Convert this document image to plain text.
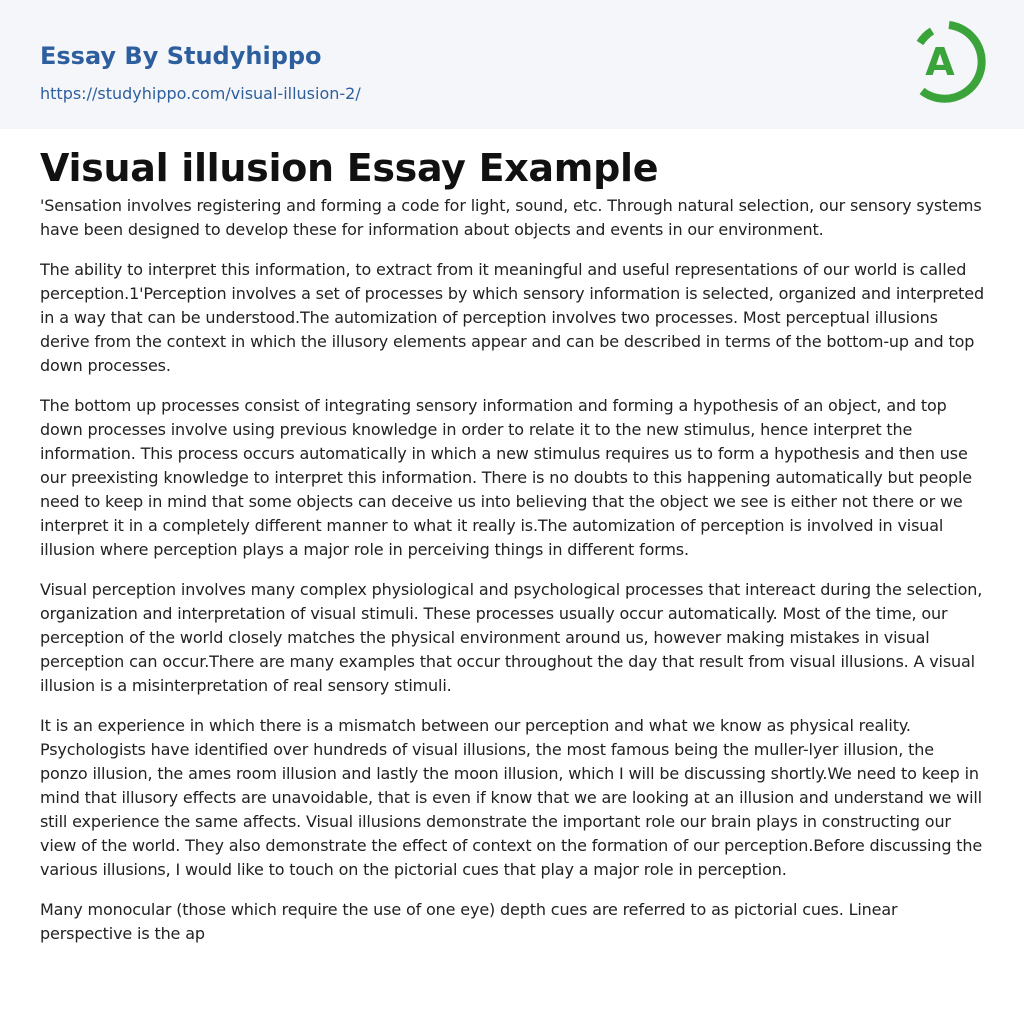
Essay By Studyhippo
https://studyhippo.com/visual-illusion-2/
A
Visual illusion Essay Example

'Sensation involves registering and forming a code for light, sound, etc. Through natural selection, our sensory systems have been designed to develop these for information about objects and events in our environment.

The ability to interpret this information, to extract from it meaningful and useful representations of our world is called perception.1'Perception involves a set of processes by which sensory information is selected, organized and interpreted in a way that can be understood.The automization of perception involves two processes. Most perceptual illusions derive from the context in which the illusory elements appear and can be described in terms of the bottom-up and top down processes.

The bottom up processes consist of integrating sensory information and forming a hypothesis of an object, and top down processes involve using previous knowledge in order to relate it to the new stimulus, hence interpret the information. This process occurs automatically in which a new stimulus requires us to form a hypothesis and then use our preexisting knowledge to interpret this information. There is no doubts to this happening automatically but people need to keep in mind that some objects can deceive us into believing that the object we see is either not there or we interpret it in a completely different manner to what it really is.The automization of perception is involved in visual illusion where perception plays a major role in perceiving things in different forms.

Visual perception involves many complex physiological and psychological processes that intereact during the selection, organization and interpretation of visual stimuli. These processes usually occur automatically. Most of the time, our perception of the world closely matches the physical environment around us, however making mistakes in visual perception can occur.There are many examples that occur throughout the day that result from visual illusions. A visual illusion is a misinterpretation of real sensory stimuli.

It is an experience in which there is a mismatch between our perception and what we know as physical reality. Psychologists have identified over hundreds of visual illusions, the most famous being the muller-lyer illusion, the ponzo illusion, the ames room illusion and lastly the moon illusion, which I will be discussing shortly.We need to keep in mind that illusory effects are unavoidable, that is even if know that we are looking at an illusion and understand we will still experience the same affects. Visual illusions demonstrate the important role our brain plays in constructing our view of the world. They also demonstrate the effect of context on the formation of our perception.Before discussing the various illusions, I would like to touch on the pictorial cues that play a major role in perception.

Many monocular (those which require the use of one eye) depth cues are referred to as pictorial cues. Linear perspective is the ap
